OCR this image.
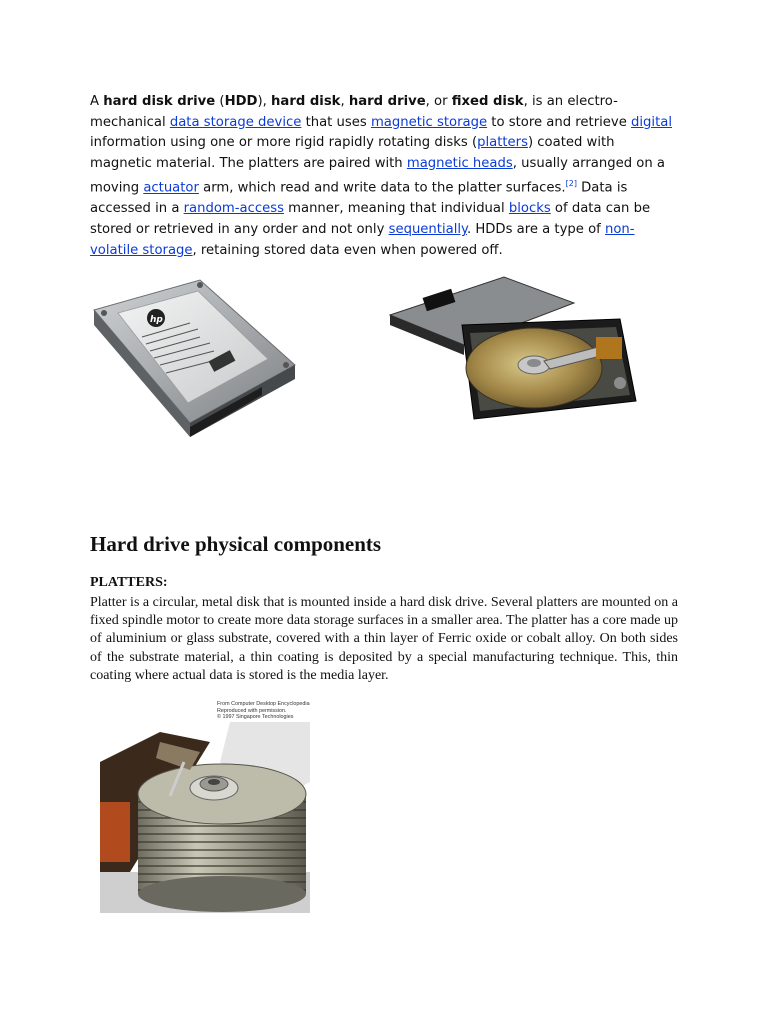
A hard disk drive (HDD), hard disk, hard drive, or fixed disk, is an electro-mechanical data storage device that uses magnetic storage to store and retrieve digital information using one or more rigid rapidly rotating disks (platters) coated with magnetic material. The platters are paired with magnetic heads, usually arranged on a moving actuator arm, which read and write data to the platter surfaces.[2] Data is accessed in a random-access manner, meaning that individual blocks of data can be stored or retrieved in any order and not only sequentially. HDDs are a type of non-volatile storage, retaining stored data even when powered off.

hp
Hard drive physical components
PLATTERS:

Platter is a circular, metal disk that is mounted inside a hard disk drive. Several platters are mounted on a fixed spindle motor to create more data storage surfaces in a smaller area. The platter has a core made up of aluminium or glass substrate, covered with a thin layer of Ferric oxide or cobalt alloy. On both sides of the substrate material, a thin coating is deposited by a special manufacturing technique. This, thin coating where actual data is stored is the media layer.

From Computer Desktop Encyclopedia
Reproduced with permission.
© 1997 Singapore Technologies
